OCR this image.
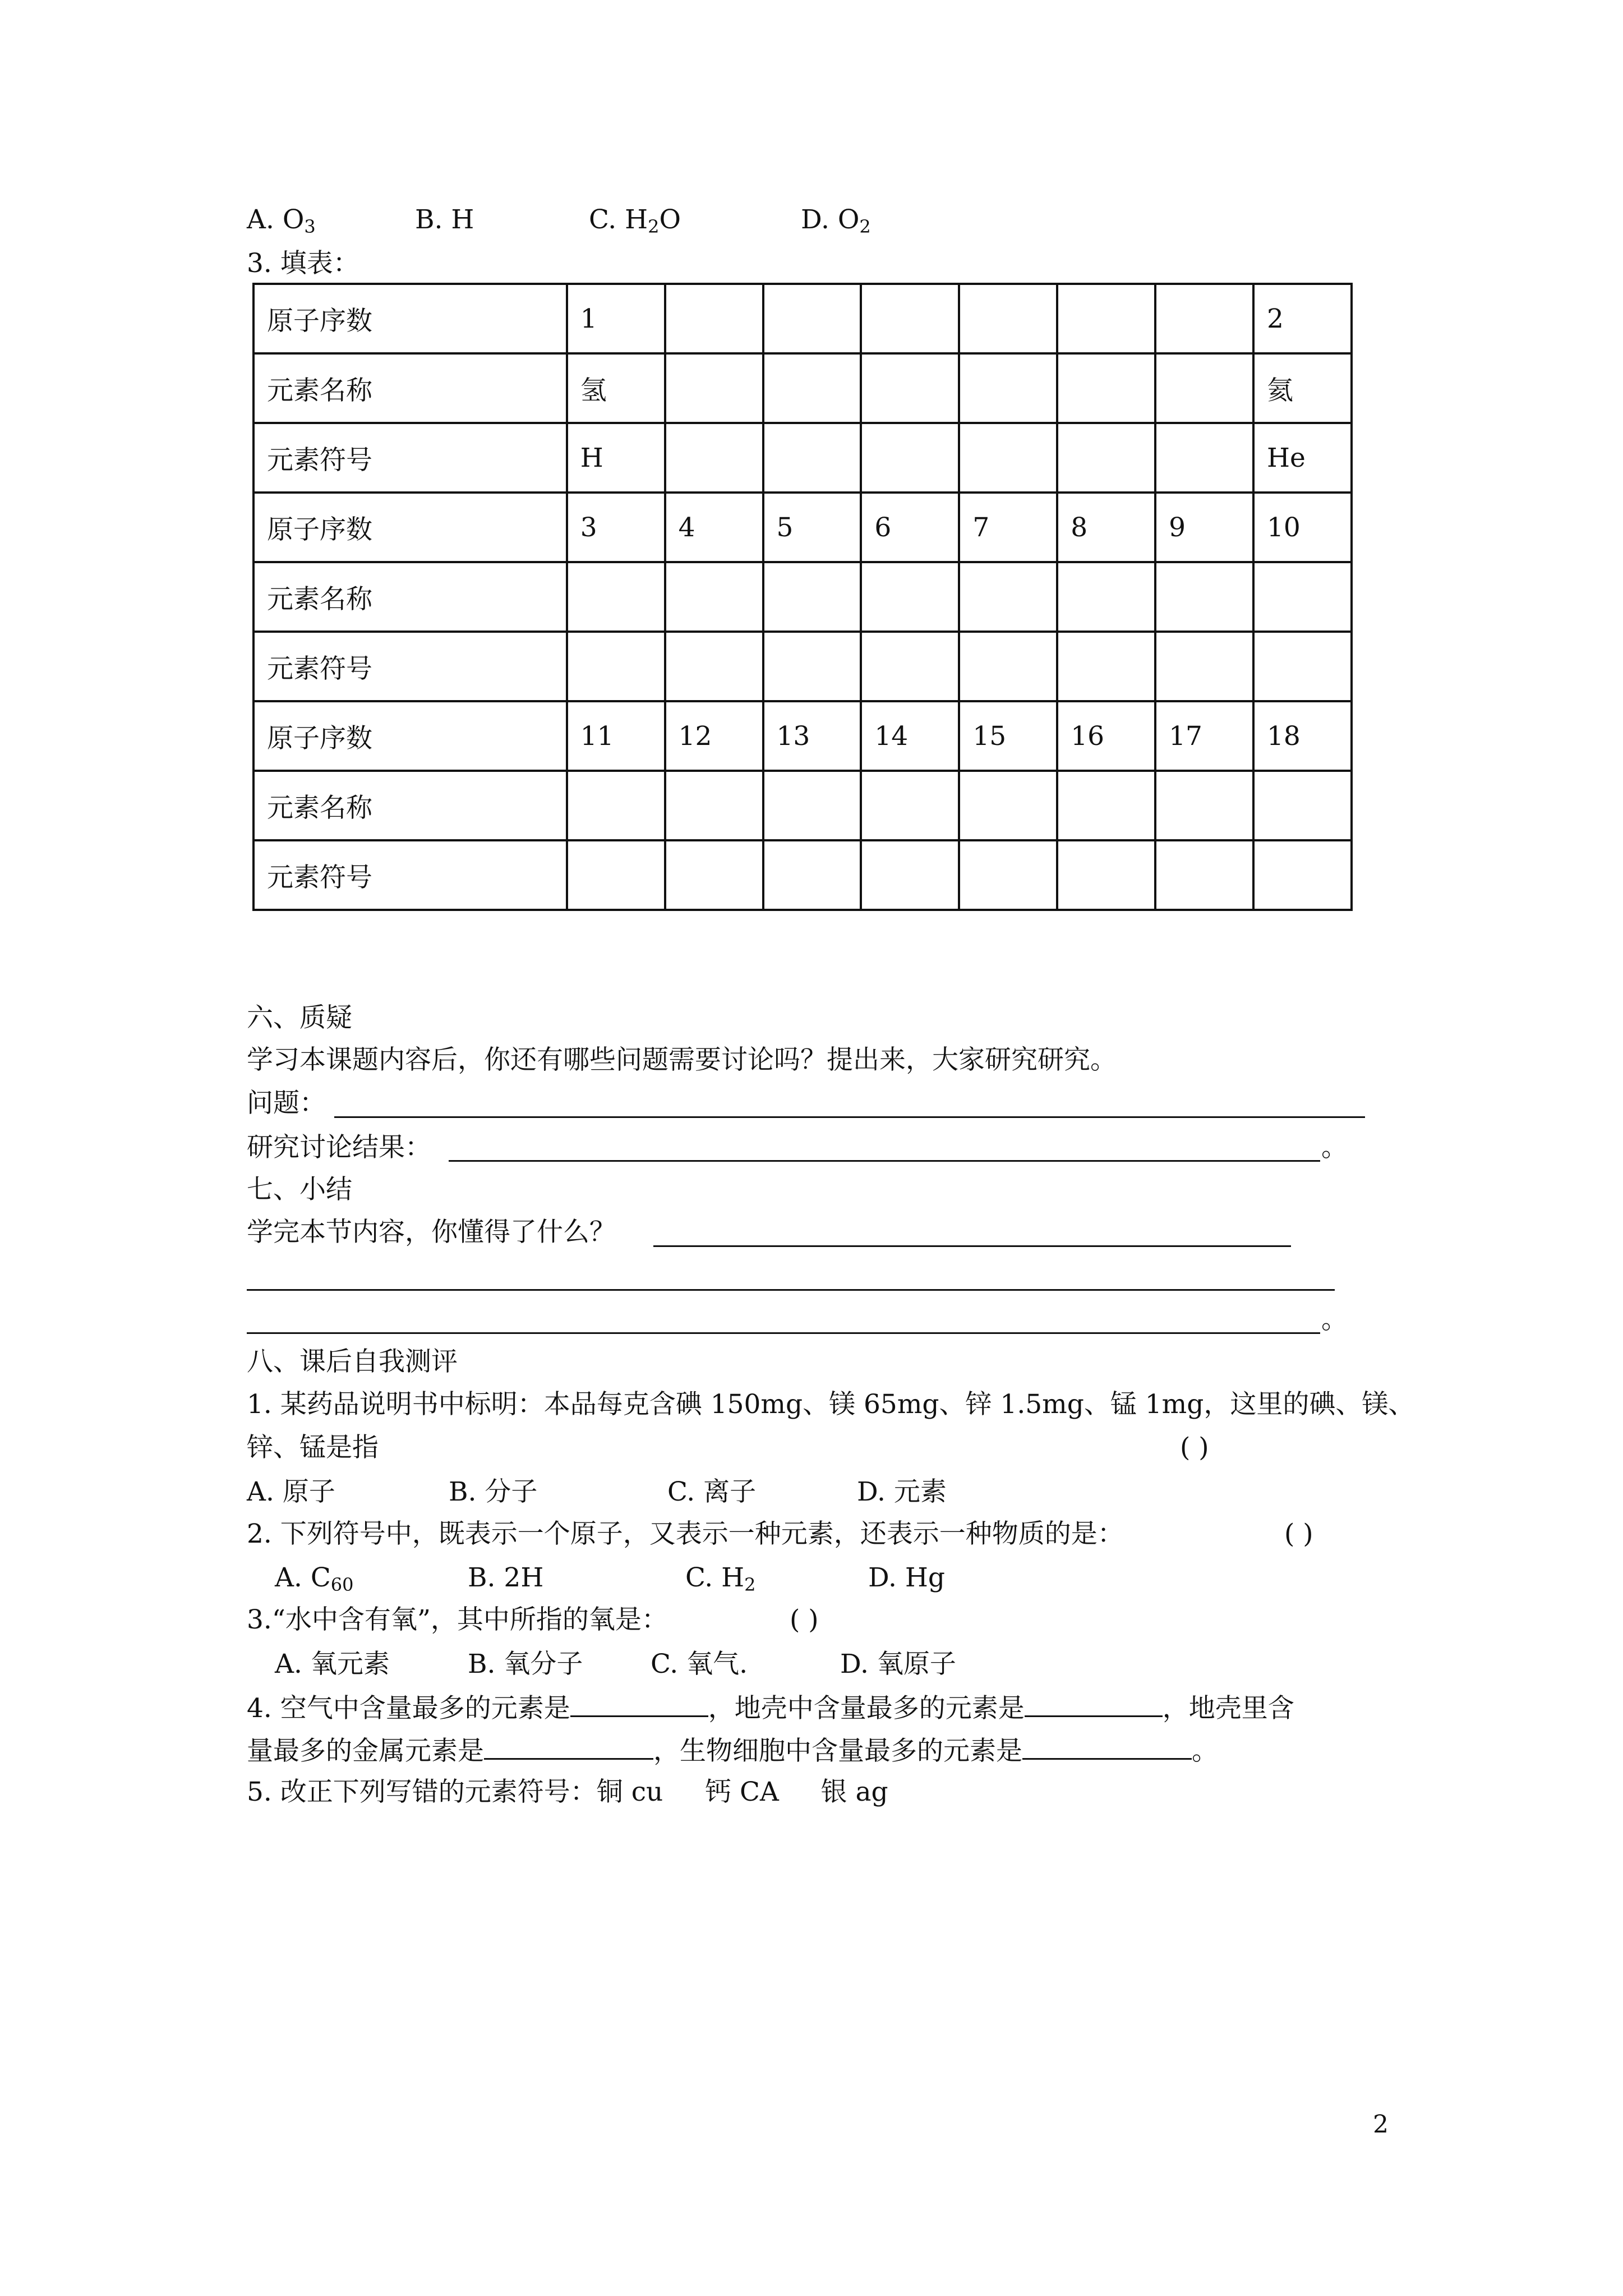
A. $O_3$	B. H	C. $H_2O$	D. $O_2$
3. 填表：
原子序数	1							2
元素名称	氢							氦
元素符号	H							He
原子序数	3	4	5	6	7	8	9	10
元素名称								
元素符号								
原子序数	11	12	13	14	15	16	17	18
元素名称								
元素符号								
六、质疑
学习本课题内容后，你还有哪些问题需要讨论吗？提出来，大家研究研究。
问题：
研究讨论结果：	。
七、小结
学完本节内容，你懂得了什么？
。
八、课后自我测评
1. 某药品说明书中标明：本品每克含碘 150mg、镁 65mg、锌 1.5mg、锰 1mg，这里的碘、镁、
锌、锰是指	( )
A. 原子	B. 分子	C. 离子	D. 元素
2. 下列符号中，既表示一个原子，又表示一种元素，还表示一种物质的是：	( )
A. $C_{60}$	B. 2H	C. $H_2$	D. Hg
3.“水中含有氧”，其中所指的氧是：	( )
A. 氧元素	B. 氧分子	C. 氧气.	D. 氧原子
4. 空气中含量最多的元素是	，地壳中含量最多的元素是	，地壳里含
量最多的金属元素是	，生物细胞中含量最多的元素是	。
5. 改正下列写错的元素符号：铜 cu     钙 CA     银 ag
2
